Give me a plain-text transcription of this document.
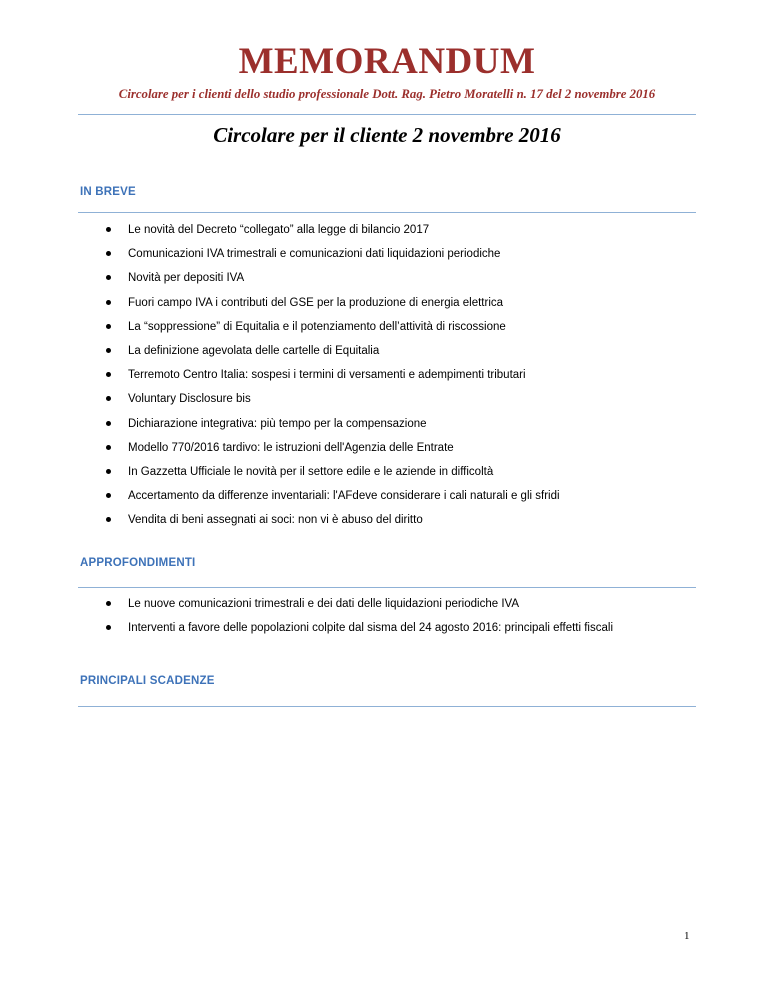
MEMORANDUM
Circolare per i clienti dello studio professionale Dott. Rag. Pietro Moratelli n. 17 del 2 novembre 2016
Circolare per il cliente 2 novembre 2016
IN BREVE
Le novità del Decreto “collegato” alla legge di bilancio 2017
Comunicazioni IVA trimestrali e comunicazioni dati liquidazioni periodiche
Novità per depositi IVA
Fuori campo IVA i contributi del GSE per la produzione di energia elettrica
La “soppressione” di Equitalia e il potenziamento dell’attività di riscossione
La definizione agevolata delle cartelle di Equitalia
Terremoto Centro Italia: sospesi i termini di versamenti e adempimenti tributari
Voluntary Disclosure bis
Dichiarazione integrativa: più tempo per la compensazione
Modello 770/2016 tardivo: le istruzioni dell'Agenzia delle Entrate
In Gazzetta Ufficiale le novità per il settore edile e le aziende in difficoltà
Accertamento da differenze inventariali: l'AFdeve considerare i cali naturali e gli sfridi
Vendita di beni assegnati ai soci: non vi è abuso del diritto
APPROFONDIMENTI
Le nuove comunicazioni trimestrali e dei dati delle liquidazioni periodiche IVA
Interventi a favore delle popolazioni colpite dal sisma del 24 agosto 2016: principali effetti fiscali
PRINCIPALI SCADENZE
1
